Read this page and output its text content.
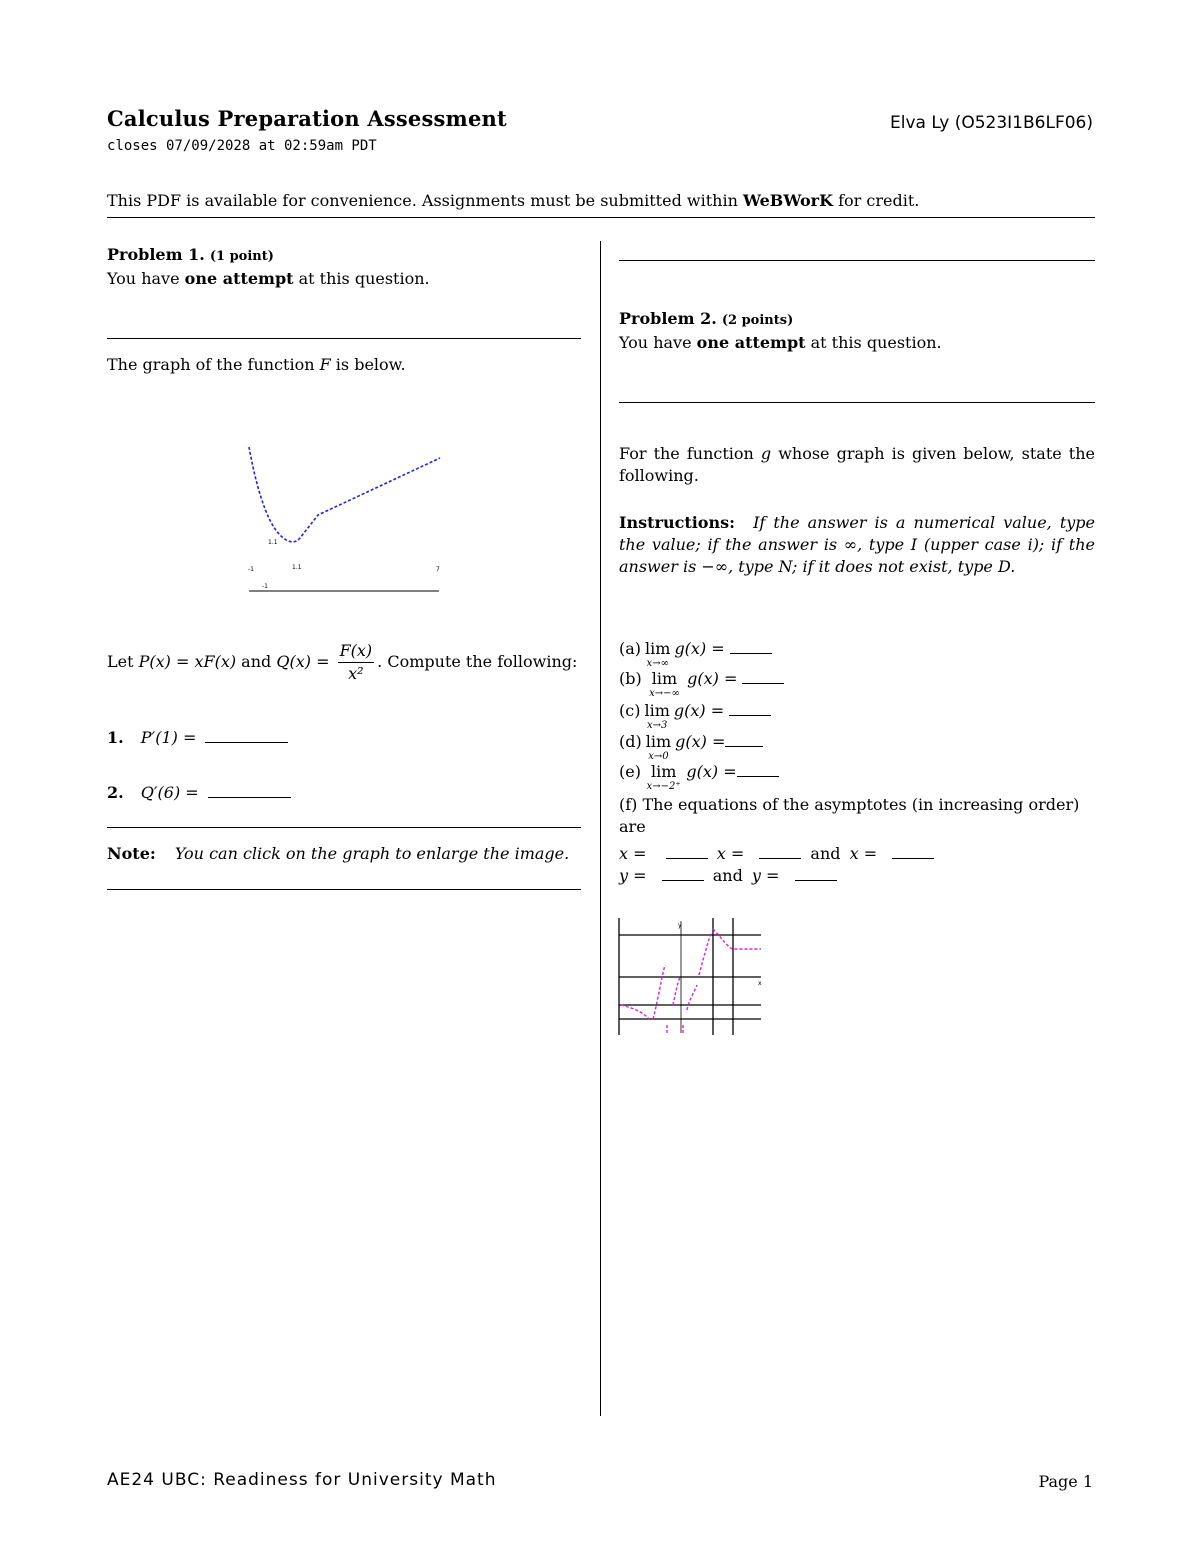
Calculus Preparation Assessment
closes 07/09/2028 at 02:59am PDT
Elva Ly (O523I1B6LF06)
This PDF is available for convenience. Assignments must be submitted within WeBWorK for credit.
Problem 1. (1 point)
You have one attempt at this question.
The graph of the function F is below.
-1	1.1	7
1.1
-1
Let P(x) = xF(x) and $Q(x) = \frac{F(x)}{\text{x²}}$ . Compute the following:
1. P′(1) =
2. Q′(6) =
Note: You can click on the graph to enlarge the image.
Problem 2. (2 points)
You have one attempt at this question.
For the function g whose graph is given below, state the following.
Instructions: If the answer is a numerical value, type the value; if the answer is ∞, type I (upper case i); if the answer is −∞, type N; if it does not exist, type D.
(a) lim
x→∞
g(x) =
(b) lim
x→−∞
g(x) =
(c) lim
x→3
g(x) =
(d) lim
x→0
g(x) =
(e) lim
x→−2⁺
g(x) =
(f) The equations of the asymptotes (in increasing order) are
x =	x =	and x =
y =	and y =
y
x
AE24 UBC: Readiness for University Math	Page 1
